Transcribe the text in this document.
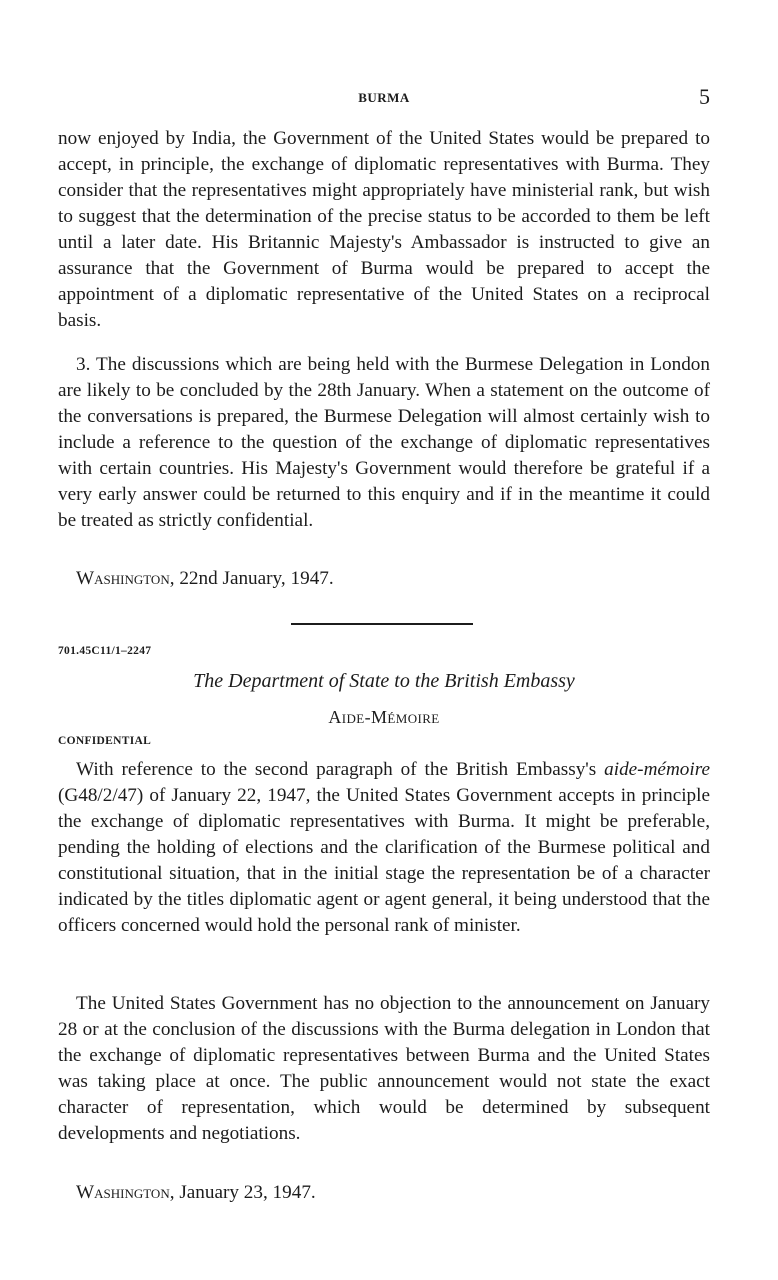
BURMA	5

now enjoyed by India, the Government of the United States would be prepared to accept, in principle, the exchange of diplomatic representatives with Burma. They consider that the representatives might appropriately have ministerial rank, but wish to suggest that the determination of the precise status to be accorded to them be left until a later date. His Britannic Majesty's Ambassador is instructed to give an assurance that the Government of Burma would be prepared to accept the appointment of a diplomatic representative of the United States on a reciprocal basis.

3. The discussions which are being held with the Burmese Delegation in London are likely to be concluded by the 28th January. When a statement on the outcome of the conversations is prepared, the Burmese Delegation will almost certainly wish to include a reference to the question of the exchange of diplomatic representatives with certain countries. His Majesty's Government would therefore be grateful if a very early answer could be returned to this enquiry and if in the meantime it could be treated as strictly confidential.

Washington, 22nd January, 1947.
701.45C11/1–2247
The Department of State to the British Embassy
Aide-Mémoire
CONFIDENTIAL

With reference to the second paragraph of the British Embassy's aide-mémoire (G48/2/47) of January 22, 1947, the United States Government accepts in principle the exchange of diplomatic representatives with Burma. It might be preferable, pending the holding of elections and the clarification of the Burmese political and constitutional situation, that in the initial stage the representation be of a character indicated by the titles diplomatic agent or agent general, it being understood that the officers concerned would hold the personal rank of minister.

The United States Government has no objection to the announcement on January 28 or at the conclusion of the discussions with the Burma delegation in London that the exchange of diplomatic representatives between Burma and the United States was taking place at once. The public announcement would not state the exact character of representation, which would be determined by subsequent developments and negotiations.

Washington, January 23, 1947.
